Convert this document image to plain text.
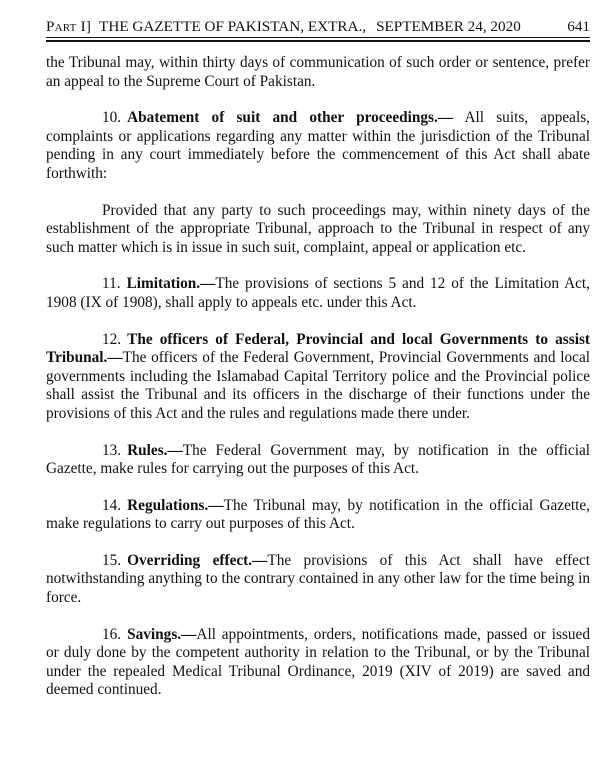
Part I] THE GAZETTE OF PAKISTAN, EXTRA., SEPTEMBER 24, 2020	641

the Tribunal may, within thirty days of communication of such order or sentence, prefer an appeal to the Supreme Court of Pakistan.

10. Abatement of suit and other proceedings.— All suits, appeals, complaints or applications regarding any matter within the jurisdiction of the Tribunal pending in any court immediately before the commencement of this Act shall abate forthwith:

Provided that any party to such proceedings may, within ninety days of the establishment of the appropriate Tribunal, approach to the Tribunal in respect of any such matter which is in issue in such suit, complaint, appeal or application etc.

11. Limitation.—The provisions of sections 5 and 12 of the Limitation Act, 1908 (IX of 1908), shall apply to appeals etc. under this Act.

12. The officers of Federal, Provincial and local Governments to assist Tribunal.—The officers of the Federal Government, Provincial Governments and local governments including the Islamabad Capital Territory police and the Provincial police shall assist the Tribunal and its officers in the discharge of their functions under the provisions of this Act and the rules and regulations made there under.

13. Rules.—The Federal Government may, by notification in the official Gazette, make rules for carrying out the purposes of this Act.

14. Regulations.—The Tribunal may, by notification in the official Gazette, make regulations to carry out purposes of this Act.

15. Overriding effect.—The provisions of this Act shall have effect notwithstanding anything to the contrary contained in any other law for the time being in force.

16. Savings.—All appointments, orders, notifications made, passed or issued or duly done by the competent authority in relation to the Tribunal, or by the Tribunal under the repealed Medical Tribunal Ordinance, 2019 (XIV of 2019) are saved and deemed continued.
